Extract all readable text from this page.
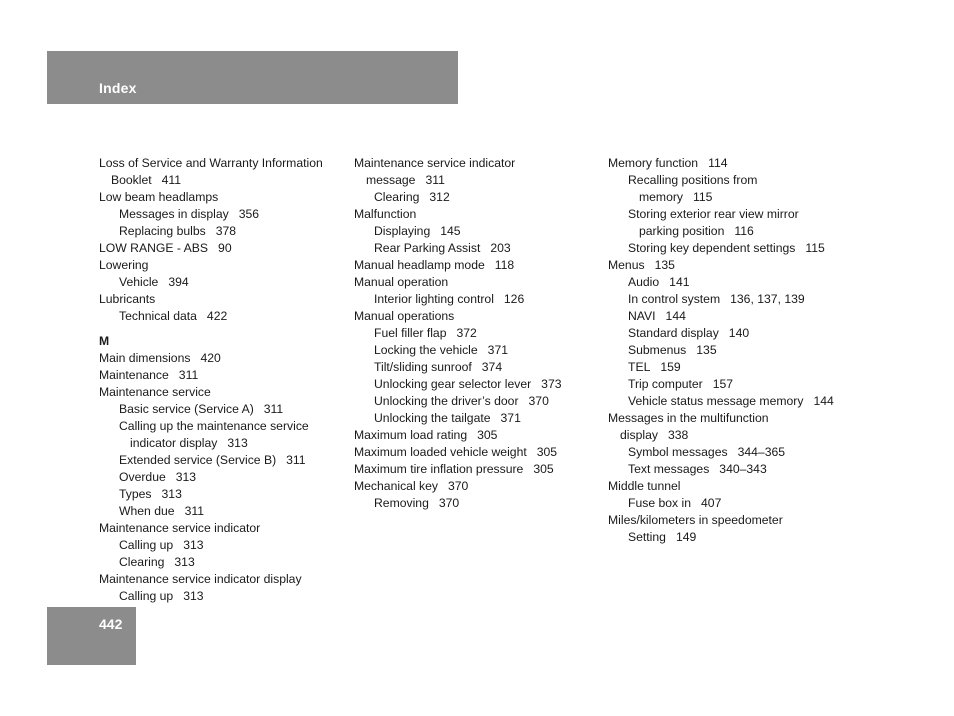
Index
Loss of Service and Warranty Information
Booklet 411
Low beam headlamps
Messages in display 356
Replacing bulbs 378
LOW RANGE - ABS 90
Lowering
Vehicle 394
Lubricants
Technical data 422
M
Main dimensions 420
Maintenance 311
Maintenance service
Basic service (Service A) 311
Calling up the maintenance service
indicator display 313
Extended service (Service B) 311
Overdue 313
Types 313
When due 311
Maintenance service indicator
Calling up 313
Clearing 313
Maintenance service indicator display
Calling up 313
Maintenance service indicator
message 311
Clearing 312
Malfunction
Displaying 145
Rear Parking Assist 203
Manual headlamp mode 118
Manual operation
Interior lighting control 126
Manual operations
Fuel filler flap 372
Locking the vehicle 371
Tilt/sliding sunroof 374
Unlocking gear selector lever 373
Unlocking the driver’s door 370
Unlocking the tailgate 371
Maximum load rating 305
Maximum loaded vehicle weight 305
Maximum tire inflation pressure 305
Mechanical key 370
Removing 370
Memory function 114
Recalling positions from
memory 115
Storing exterior rear view mirror
parking position 116
Storing key dependent settings 115
Menus 135
Audio 141
In control system 136, 137, 139
NAVI 144
Standard display 140
Submenus 135
TEL 159
Trip computer 157
Vehicle status message memory 144
Messages in the multifunction
display 338
Symbol messages 344–365
Text messages 340–343
Middle tunnel
Fuse box in 407
Miles/kilometers in speedometer
Setting 149
442
